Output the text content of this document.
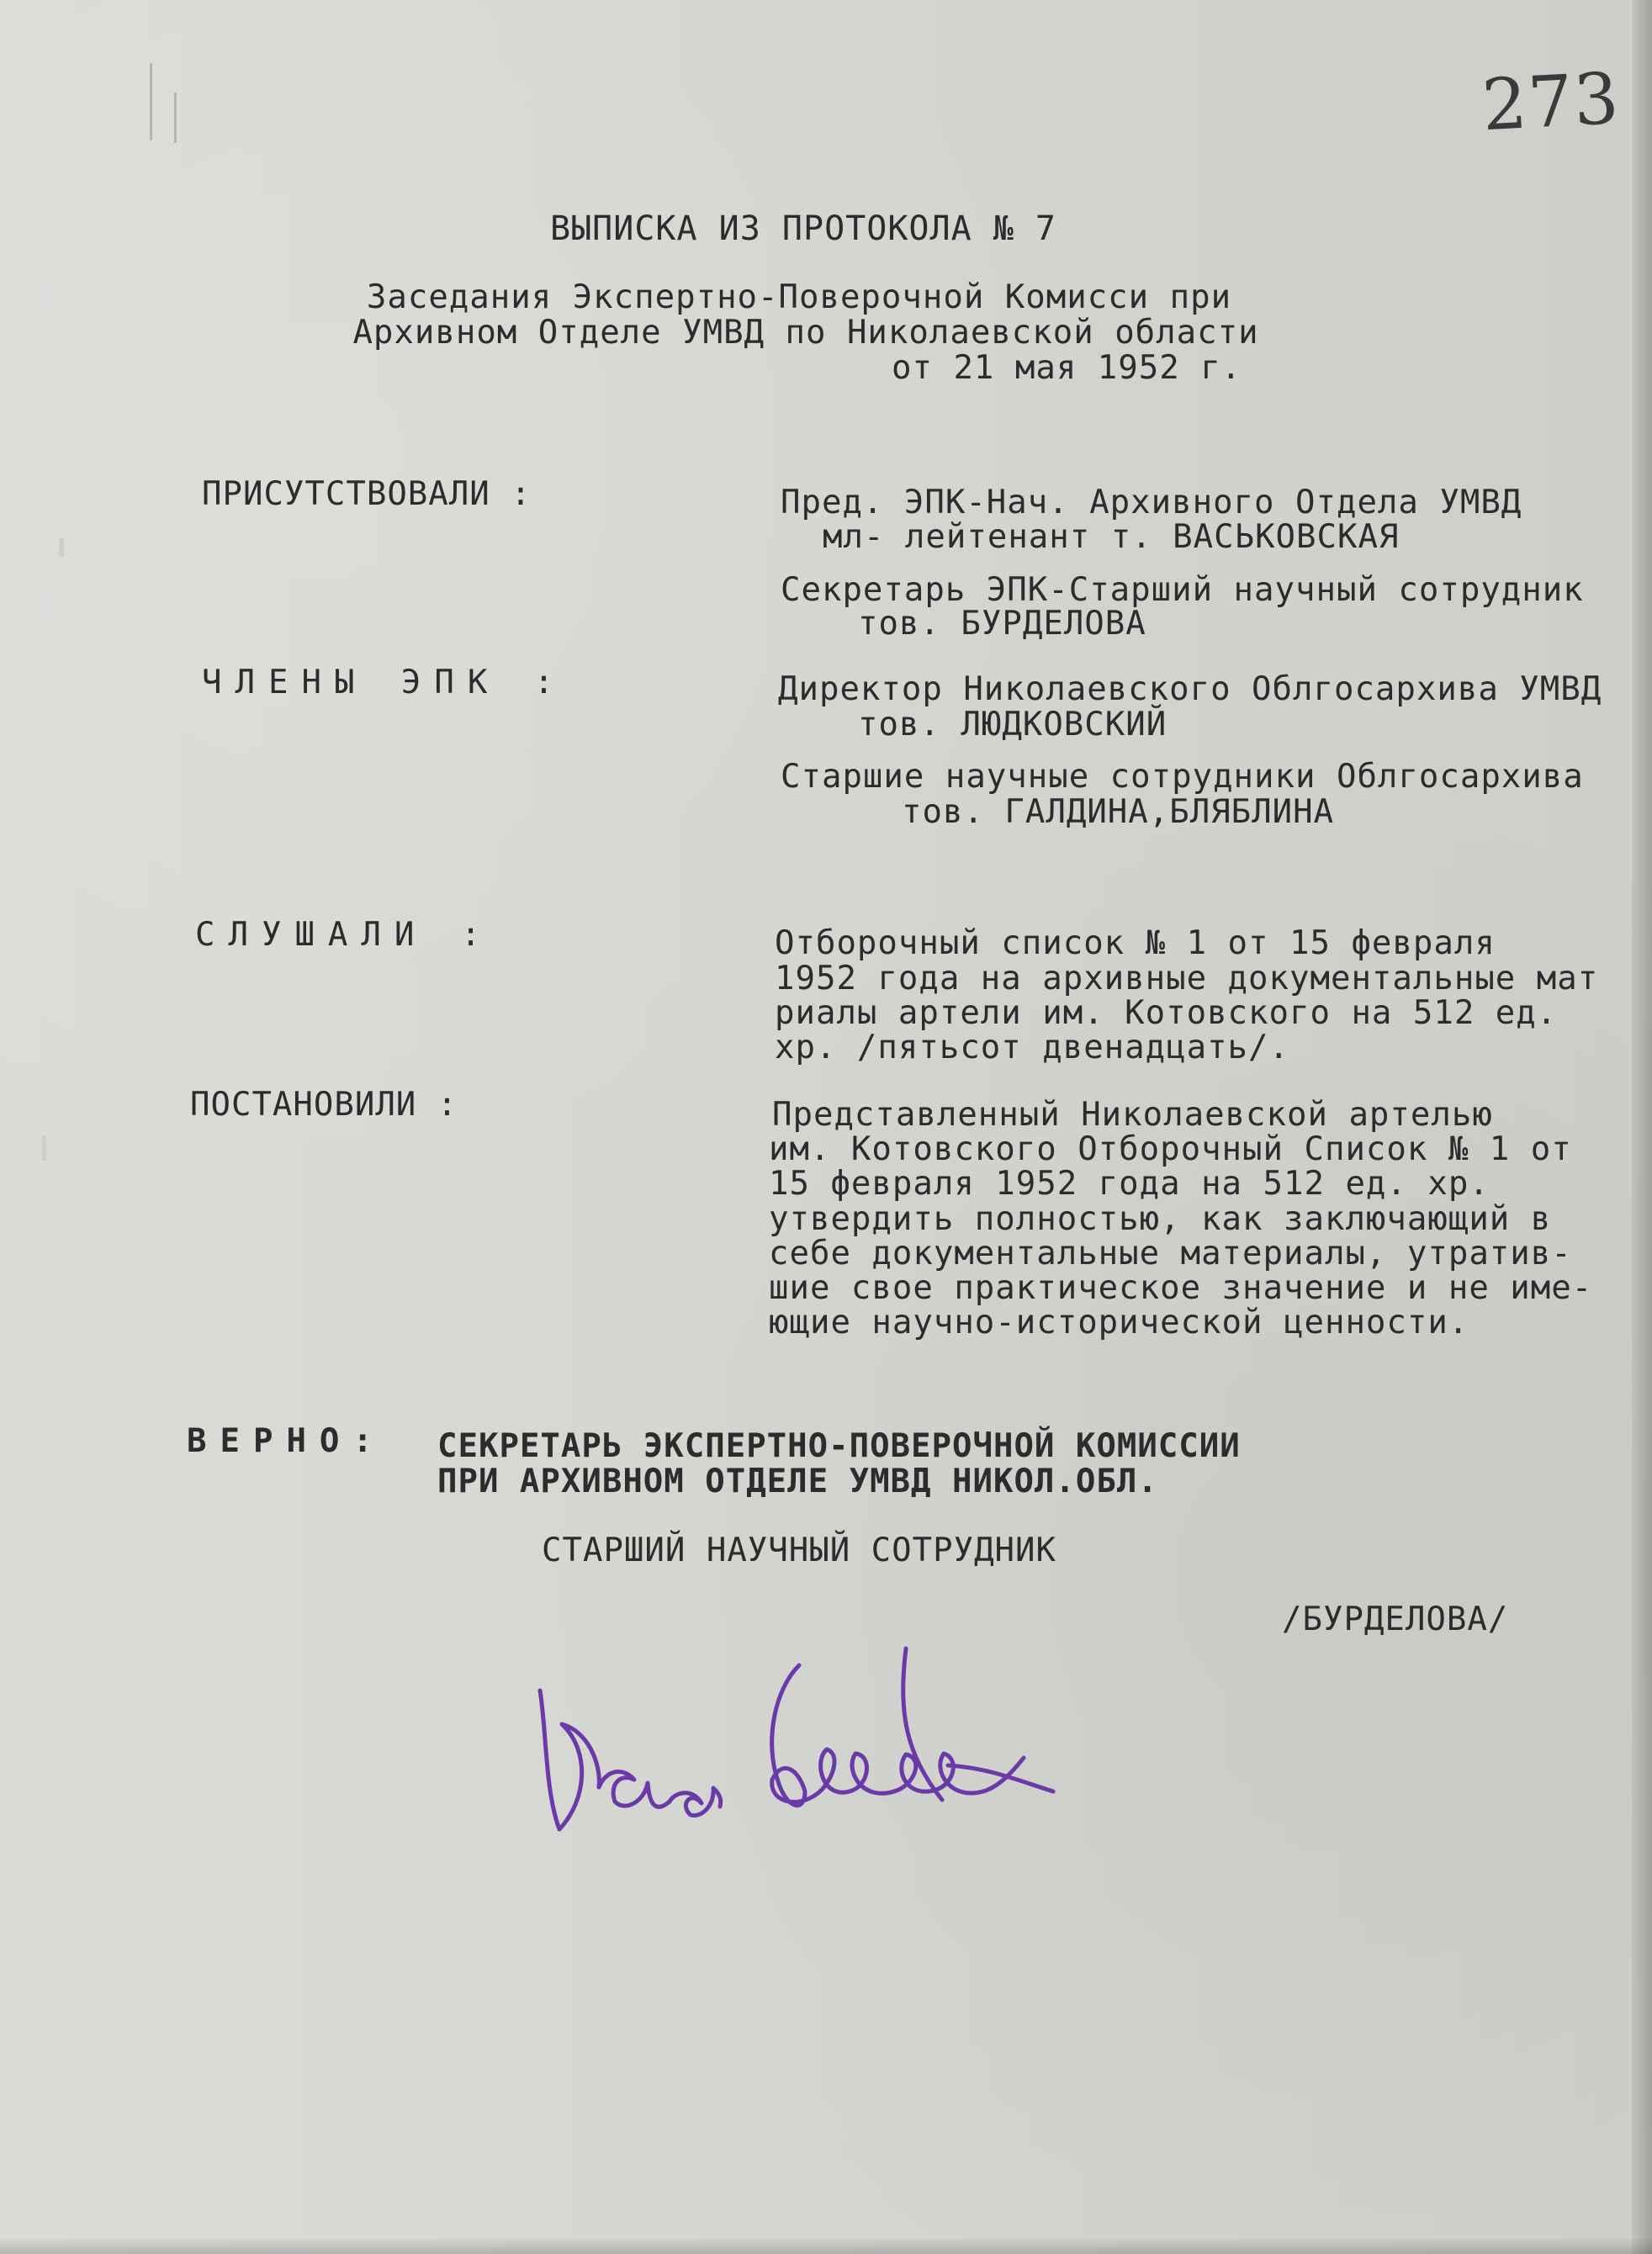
273
ВЫПИСКА ИЗ ПРОТОКОЛА № 7
Заседания Экспертно-Поверочной Комисси при
Архивном Отделе УМВД по Николаевской области
от 21 мая 1952 г.
ПРИСУТСТВОВАЛИ :	Пред. ЭПК-Нач. Архивного Отдела УМВД
мл- лейтенант т. ВАСЬКОВСКАЯ
Секретарь ЭПК-Старший научный сотрудник
тов. БУРДЕЛОВА
ЧЛЕНЫ ЭПК :	Директор Николаевского Облгосархива УМВД
тов. ЛЮДКОВСКИЙ
Старшие научные сотрудники Облгосархива
тов. ГАЛДИНА,БЛЯБЛИНА
СЛУШАЛИ :	Отборочный список № 1 от 15 февраля
1952 года на архивные документальные мат
риалы артели им. Котовского на 512 ед.
хр. /пятьсот двенадцать/.
ПОСТАНОВИЛИ :	Представленный Николаевской артелью
им. Котовского Отборочный Список № 1 от
15 февраля 1952 года на 512 ед. хр.
утвердить полностью, как заключающий в
себе документальные материалы, утратив-
шие свое практическое значение и не име-
ющие научно-исторической ценности.
ВЕРНО: СЕКРЕТАРЬ ЭКСПЕРТНО-ПОВЕРОЧНОЙ КОМИССИИ
ПРИ АРХИВНОМ ОТДЕЛЕ УМВД НИКОЛ.ОБЛ.
СТАРШИЙ НАУЧНЫЙ СОТРУДНИК
/БУРДЕЛОВА/
